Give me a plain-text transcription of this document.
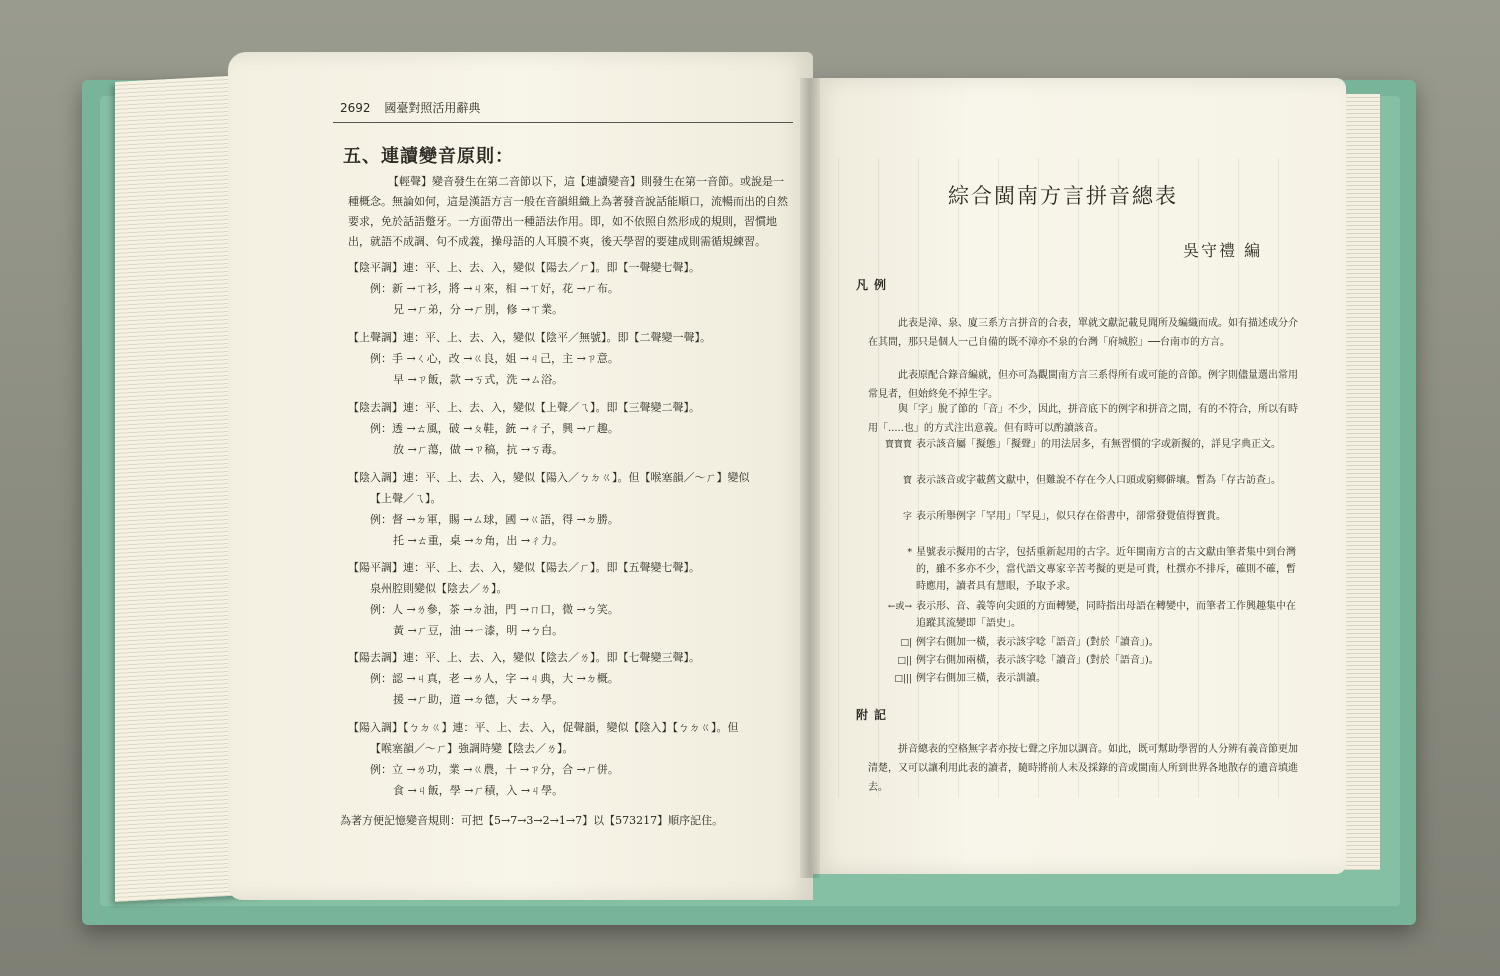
2692 國臺對照活用辭典
五、連讀變音原則：
【輕聲】變音發生在第二音節以下，這【連讀變音】則發生在第一音節。或說是一種概念。無論如何，這是漢語方言一般在音韻組織上為著發音說話能順口，流暢而出的自然要求，免於話語蹩牙。一方面帶出一種語法作用。即，如不依照自然形成的規則，習慣地出，就語不成調、句不成義，操母語的人耳膜不爽，後天學習的要建成則需循規練習。
【陰平調】連：平、上、去、入，變似【陽去／ㄏ】。即【一聲變七聲】。
例：新 →ㄒ衫，將 →ㄐ來，相 →ㄒ好，花 →ㄏ布。
兄 →ㄏ弟，分 →ㄏ別，修 →ㄒ業。
【上聲調】連：平、上、去、入，變似【陰平／無號】。即【二聲變一聲】。
例：手 →ㄑ心，改 →ㄍ良，姐 →ㄐ己，主 →ㄗ意。
早 →ㄗ飯，款 →ㄎ式，洗 →ㄙ浴。
【陰去調】連：平、上、去、入，變似【上聲／ㄟ】。即【三聲變二聲】。
例：透 →ㄊ風，破 →ㄆ鞋，銃 →ㄔ子，興 →ㄏ趣。
放 →ㄏ蕩，做 →ㄗ稿，抗 →ㄎ毒。
【陰入調】連：平、上、去、入，變似【陽入／ㄅㄉㄍ】。但【喉塞韻／～ㄏ】變似
【上聲／ㄟ】。
例：督 →ㄉ軍，賜 →ㄙ球，國 →ㄍ語，得 →ㄉ勝。
托 →ㄊ重，桌 →ㄉ角，出 →ㄔ力。
【陽平調】連：平、上、去、入，變似【陽去／ㄏ】。即【五聲變七聲】。
泉州腔則變似【陰去／ㄌ】。
例：人 →ㄌ參，茶 →ㄉ油，門 →ㄇ口，微 →ㄅ笑。
黃 →ㄏ豆，油 →ㄧ漆，明 →ㄅ白。
【陽去調】連：平、上、去、入，變似【陰去／ㄌ】。即【七聲變三聲】。
例：認 →ㄐ真，老 →ㄌ人，字 →ㄐ典，大 →ㄉ概。
援 →ㄏ助，道 →ㄉ德，大 →ㄉ學。
【陽入調】【ㄅㄉㄍ】連：平、上、去、入，促聲韻，變似【陰入】【ㄅㄉㄍ】。但
【喉塞韻／～ㄏ】強調時變【陰去／ㄌ】。
例：立 →ㄌ功，業 →ㄍ農，十 →ㄗ分，合 →ㄏ併。
食 →ㄐ飯，學 →ㄏ積，入 →ㄐ學。
為著方便記憶變音規則：可把【5→7→3→2→1→7】以【573217】順序記住。
綜合閩南方言拼音總表
吳守禮 編
凡例
此表是漳、泉、廈三系方言拼音的合表，單就文獻記載見聞所及編織而成。如有描述成分介在其間，那只是個人一己自備的既不漳亦不泉的台灣「府城腔」──台南市的方言。
此表原配合錄音編就，但亦可為觀閩南方言三系得所有或可能的音節。例字則儘量選出常用常見者，但始終免不掉生字。
與「字」脫了節的「音」不少，因此，拼音底下的例字和拼音之間，有的不符合，所以有時用「.....也」的方式注出意義。但有時可以酌讀該音。
寶寶寶 表示該音屬「擬態」「擬聲」的用法居多，有無習慣的字或新擬的，詳見字典正文。
寶 表示該音或字載舊文獻中，但難說不存在今人口頭或窮鄉僻壤。暫為「存古訪查」。
字 表示所舉例字「罕用」「罕見」，似只存在俗書中，卻常發覺值得寶貴。
* 星號表示擬用的古字，包括重新起用的古字。近年閩南方言的古文獻由筆者集中到台灣的，雖不多亦不少，當代語文專家辛苦考擬的更是可貴，杜撰亦不排斥，確則不確，暫時應用，讀者具有慧眼，予取予求。
←或→ 表示形、音、義等向尖頭的方面轉變，同時指出母語在轉變中，而筆者工作興趣集中在追蹤其流變即「語史」。
□| 例字右側加一橫，表示該字唸「語音」(對於「讀音」)。
□|| 例字右側加兩橫，表示該字唸「讀音」(對於「語音」)。
□||| 例字右側加三橫，表示訓讀。
附記
拼音總表的空格無字者亦按七聲之序加以調音。如此，既可幫助學習的人分辨有義音節更加清楚，又可以讓利用此表的讀者，隨時將前人未及採錄的音或閩南人所到世界各地散存的遺音填進去。
